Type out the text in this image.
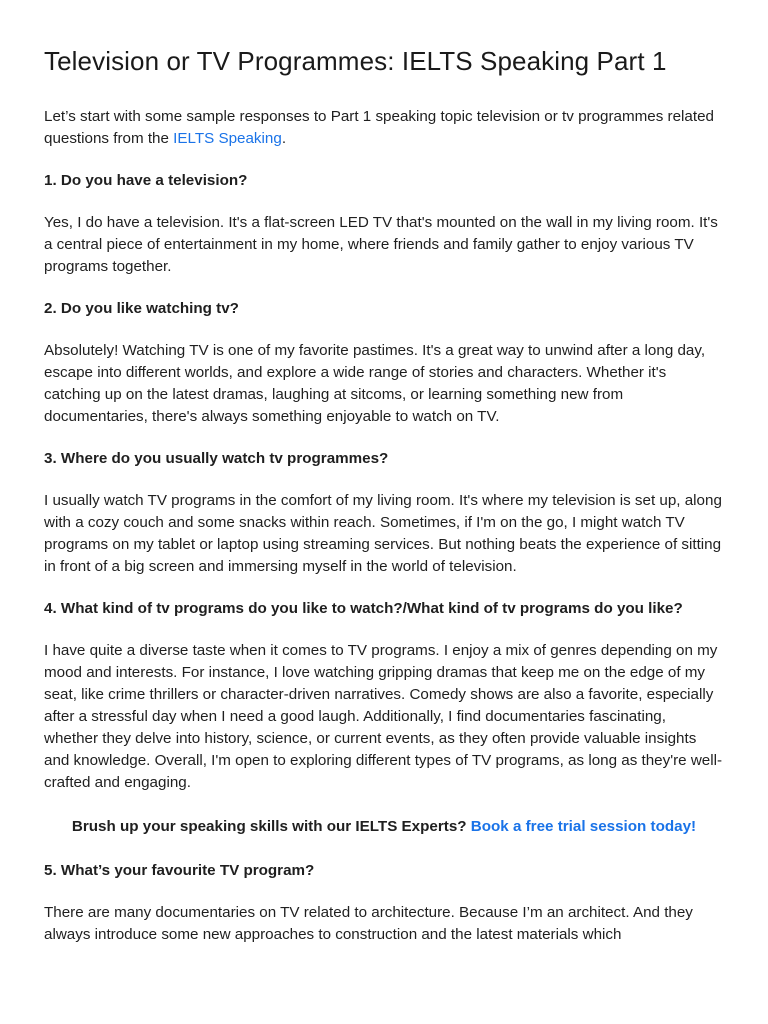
Television or TV Programmes: IELTS Speaking Part 1

Let’s start with some sample responses to Part 1 speaking topic television or tv programmes related questions from the IELTS Speaking.

1. Do you have a television?

Yes, I do have a television. It's a flat-screen LED TV that's mounted on the wall in my living room. It's a central piece of entertainment in my home, where friends and family gather to enjoy various TV programs together.

2. Do you like watching tv?

Absolutely! Watching TV is one of my favorite pastimes. It's a great way to unwind after a long day, escape into different worlds, and explore a wide range of stories and characters. Whether it's catching up on the latest dramas, laughing at sitcoms, or learning something new from documentaries, there's always something enjoyable to watch on TV.

3. Where do you usually watch tv programmes?

I usually watch TV programs in the comfort of my living room. It's where my television is set up, along with a cozy couch and some snacks within reach. Sometimes, if I'm on the go, I might watch TV programs on my tablet or laptop using streaming services. But nothing beats the experience of sitting in front of a big screen and immersing myself in the world of television.

4. What kind of tv programs do you like to watch?/What kind of tv programs do you like?

I have quite a diverse taste when it comes to TV programs. I enjoy a mix of genres depending on my mood and interests. For instance, I love watching gripping dramas that keep me on the edge of my seat, like crime thrillers or character-driven narratives. Comedy shows are also a favorite, especially after a stressful day when I need a good laugh. Additionally, I find documentaries fascinating, whether they delve into history, science, or current events, as they often provide valuable insights and knowledge. Overall, I'm open to exploring different types of TV programs, as long as they're well-crafted and engaging.

Brush up your speaking skills with our IELTS Experts? Book a free trial session today!

5. What’s your favourite TV program?

There are many documentaries on TV related to architecture. Because I’m an architect. And they always introduce some new approaches to construction and the latest materials which
